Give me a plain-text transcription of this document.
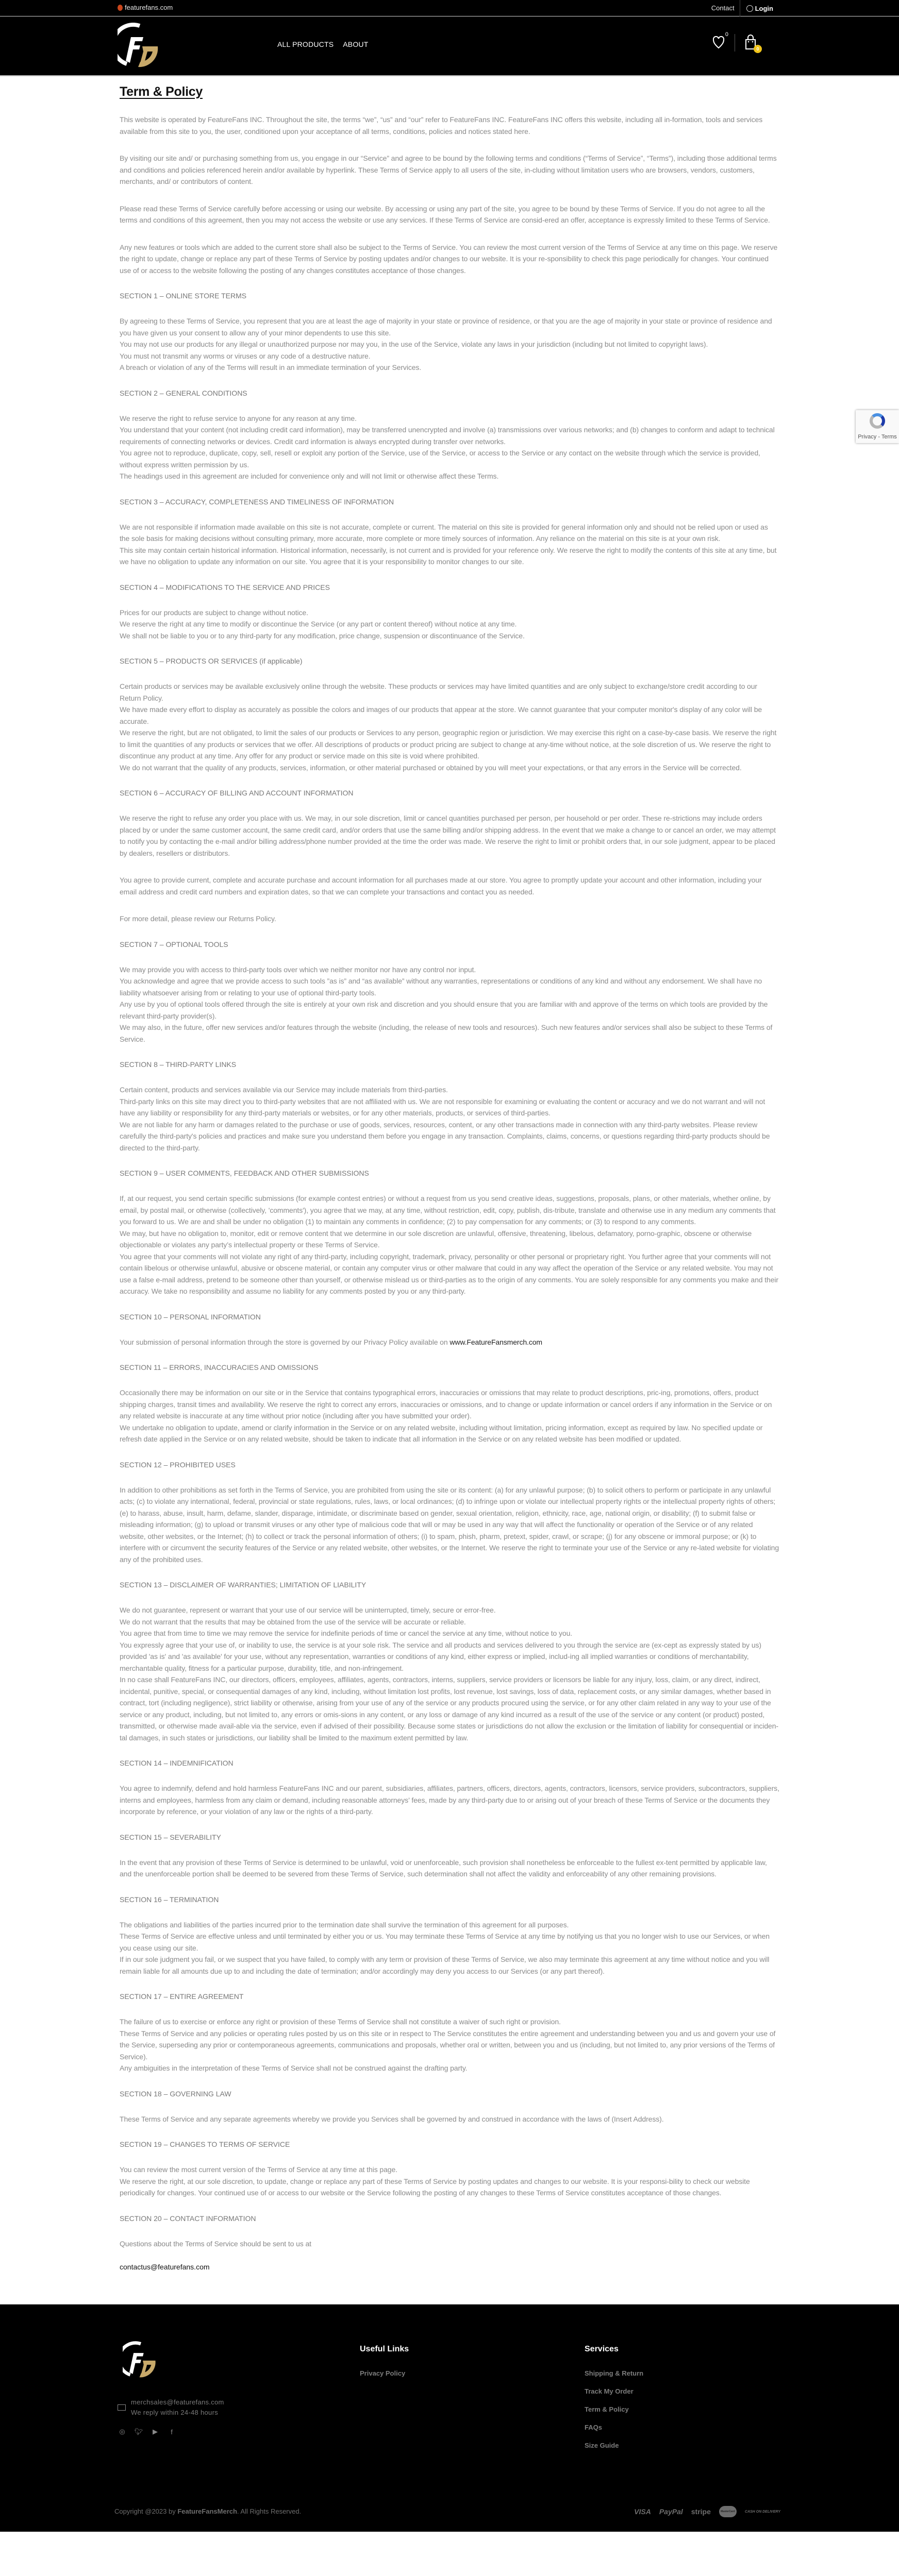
featurefans.com	Contact	Login
ALL PRODUCTS ABOUT
0
0
Term & Policy
This website is operated by FeatureFans INC. Throughout the site, the terms “we”, “us” and “our” refer to FeatureFans INC. FeatureFans INC offers this website, including all in-formation, tools and services available from this site to you, the user, conditioned upon your acceptance of all terms, conditions, policies and notices stated here.
By visiting our site and/ or purchasing something from us, you engage in our “Service” and agree to be bound by the following terms and conditions (“Terms of Service”, “Terms”), including those additional terms and conditions and policies referenced herein and/or available by hyperlink. These Terms of Service apply to all users of the site, in-cluding without limitation users who are browsers, vendors, customers, merchants, and/ or contributors of content.
Please read these Terms of Service carefully before accessing or using our website. By accessing or using any part of the site, you agree to be bound by these Terms of Service. If you do not agree to all the terms and conditions of this agreement, then you may not access the website or use any services. If these Terms of Service are consid-ered an offer, acceptance is expressly limited to these Terms of Service.
Any new features or tools which are added to the current store shall also be subject to the Terms of Service. You can review the most current version of the Terms of Service at any time on this page. We reserve the right to update, change or replace any part of these Terms of Service by posting updates and/or changes to our website. It is your re-sponsibility to check this page periodically for changes. Your continued use of or access to the website following the posting of any changes constitutes acceptance of those changes.
SECTION 1 – ONLINE STORE TERMS
By agreeing to these Terms of Service, you represent that you are at least the age of majority in your state or province of residence, or that you are the age of majority in your state or province of residence and you have given us your consent to allow any of your minor dependents to use this site.
You may not use our products for any illegal or unauthorized purpose nor may you, in the use of the Service, violate any laws in your jurisdiction (including but not limited to copyright laws).
You must not transmit any worms or viruses or any code of a destructive nature.
A breach or violation of any of the Terms will result in an immediate termination of your Services.
SECTION 2 – GENERAL CONDITIONS
We reserve the right to refuse service to anyone for any reason at any time.
You understand that your content (not including credit card information), may be transferred unencrypted and involve (a) transmissions over various networks; and (b) changes to conform and adapt to technical requirements of connecting networks or devices. Credit card information is always encrypted during transfer over networks.
You agree not to reproduce, duplicate, copy, sell, resell or exploit any portion of the Service, use of the Service, or access to the Service or any contact on the website through which the service is provided, without express written permission by us.
The headings used in this agreement are included for convenience only and will not limit or otherwise affect these Terms.
SECTION 3 – ACCURACY, COMPLETENESS AND TIMELINESS OF INFORMATION
We are not responsible if information made available on this site is not accurate, complete or current. The material on this site is provided for general information only and should not be relied upon or used as the sole basis for making decisions without consulting primary, more accurate, more complete or more timely sources of information. Any reliance on the material on this site is at your own risk.
This site may contain certain historical information. Historical information, necessarily, is not current and is provided for your reference only. We reserve the right to modify the contents of this site at any time, but we have no obligation to update any information on our site. You agree that it is your responsibility to monitor changes to our site.
SECTION 4 – MODIFICATIONS TO THE SERVICE AND PRICES
Prices for our products are subject to change without notice.
We reserve the right at any time to modify or discontinue the Service (or any part or content thereof) without notice at any time.
We shall not be liable to you or to any third-party for any modification, price change, suspension or discontinuance of the Service.
SECTION 5 – PRODUCTS OR SERVICES (if applicable)
Certain products or services may be available exclusively online through the website. These products or services may have limited quantities and are only subject to exchange/store credit according to our Return Policy.
We have made every effort to display as accurately as possible the colors and images of our products that appear at the store. We cannot guarantee that your computer monitor's display of any color will be accurate.
We reserve the right, but are not obligated, to limit the sales of our products or Services to any person, geographic region or jurisdiction. We may exercise this right on a case-by-case basis. We reserve the right to limit the quantities of any products or services that we offer. All descriptions of products or product pricing are subject to change at any-time without notice, at the sole discretion of us. We reserve the right to discontinue any product at any time. Any offer for any product or service made on this site is void where prohibited.
We do not warrant that the quality of any products, services, information, or other material purchased or obtained by you will meet your expectations, or that any errors in the Service will be corrected.
SECTION 6 – ACCURACY OF BILLING AND ACCOUNT INFORMATION
We reserve the right to refuse any order you place with us. We may, in our sole discretion, limit or cancel quantities purchased per person, per household or per order. These re-strictions may include orders placed by or under the same customer account, the same credit card, and/or orders that use the same billing and/or shipping address. In the event that we make a change to or cancel an order, we may attempt to notify you by contacting the e-mail and/or billing address/phone number provided at the time the order was made. We reserve the right to limit or prohibit orders that, in our sole judgment, appear to be placed by dealers, resellers or distributors.
You agree to provide current, complete and accurate purchase and account information for all purchases made at our store. You agree to promptly update your account and other information, including your email address and credit card numbers and expiration dates, so that we can complete your transactions and contact you as needed.
For more detail, please review our Returns Policy.
SECTION 7 – OPTIONAL TOOLS
We may provide you with access to third-party tools over which we neither monitor nor have any control nor input.
You acknowledge and agree that we provide access to such tools ”as is” and “as available” without any warranties, representations or conditions of any kind and without any endorsement. We shall have no liability whatsoever arising from or relating to your use of optional third-party tools.
Any use by you of optional tools offered through the site is entirely at your own risk and discretion and you should ensure that you are familiar with and approve of the terms on which tools are provided by the relevant third-party provider(s).
We may also, in the future, offer new services and/or features through the website (including, the release of new tools and resources). Such new features and/or services shall also be subject to these Terms of Service.
SECTION 8 – THIRD-PARTY LINKS
Certain content, products and services available via our Service may include materials from third-parties.
Third-party links on this site may direct you to third-party websites that are not affiliated with us. We are not responsible for examining or evaluating the content or accuracy and we do not warrant and will not have any liability or responsibility for any third-party materials or websites, or for any other materials, products, or services of third-parties.
We are not liable for any harm or damages related to the purchase or use of goods, services, resources, content, or any other transactions made in connection with any third-party websites. Please review carefully the third-party's policies and practices and make sure you understand them before you engage in any transaction. Complaints, claims, concerns, or questions regarding third-party products should be directed to the third-party.
SECTION 9 – USER COMMENTS, FEEDBACK AND OTHER SUBMISSIONS
If, at our request, you send certain specific submissions (for example contest entries) or without a request from us you send creative ideas, suggestions, proposals, plans, or other materials, whether online, by email, by postal mail, or otherwise (collectively, 'comments'), you agree that we may, at any time, without restriction, edit, copy, publish, dis-tribute, translate and otherwise use in any medium any comments that you forward to us. We are and shall be under no obligation (1) to maintain any comments in confidence; (2) to pay compensation for any comments; or (3) to respond to any comments.
We may, but have no obligation to, monitor, edit or remove content that we determine in our sole discretion are unlawful, offensive, threatening, libelous, defamatory, porno-graphic, obscene or otherwise objectionable or violates any party’s intellectual property or these Terms of Service.
You agree that your comments will not violate any right of any third-party, including copyright, trademark, privacy, personality or other personal or proprietary right. You further agree that your comments will not contain libelous or otherwise unlawful, abusive or obscene material, or contain any computer virus or other malware that could in any way affect the operation of the Service or any related website. You may not use a false e-mail address, pretend to be someone other than yourself, or otherwise mislead us or third-parties as to the origin of any comments. You are solely responsible for any comments you make and their accuracy. We take no responsibility and assume no liability for any comments posted by you or any third-party.
SECTION 10 – PERSONAL INFORMATION
Your submission of personal information through the store is governed by our Privacy Policy available on www.FeatureFansmerch.com
SECTION 11 – ERRORS, INACCURACIES AND OMISSIONS
Occasionally there may be information on our site or in the Service that contains typographical errors, inaccuracies or omissions that may relate to product descriptions, pric-ing, promotions, offers, product shipping charges, transit times and availability. We reserve the right to correct any errors, inaccuracies or omissions, and to change or update information or cancel orders if any information in the Service or on any related website is inaccurate at any time without prior notice (including after you have submitted your order).
We undertake no obligation to update, amend or clarify information in the Service or on any related website, including without limitation, pricing information, except as required by law. No specified update or refresh date applied in the Service or on any related website, should be taken to indicate that all information in the Service or on any related website has been modified or updated.
SECTION 12 – PROHIBITED USES
In addition to other prohibitions as set forth in the Terms of Service, you are prohibited from using the site or its content: (a) for any unlawful purpose; (b) to solicit others to perform or participate in any unlawful acts; (c) to violate any international, federal, provincial or state regulations, rules, laws, or local ordinances; (d) to infringe upon or violate our intellectual property rights or the intellectual property rights of others; (e) to harass, abuse, insult, harm, defame, slander, disparage, intimidate, or discriminate based on gender, sexual orientation, religion, ethnicity, race, age, national origin, or disability; (f) to submit false or misleading information; (g) to upload or transmit viruses or any other type of malicious code that will or may be used in any way that will affect the functionality or operation of the Service or of any related website, other websites, or the Internet; (h) to collect or track the personal information of others; (i) to spam, phish, pharm, pretext, spider, crawl, or scrape; (j) for any obscene or immoral purpose; or (k) to interfere with or circumvent the security features of the Service or any related website, other websites, or the Internet. We reserve the right to terminate your use of the Service or any re-lated website for violating any of the prohibited uses.
SECTION 13 – DISCLAIMER OF WARRANTIES; LIMITATION OF LIABILITY
We do not guarantee, represent or warrant that your use of our service will be uninterrupted, timely, secure or error-free.
We do not warrant that the results that may be obtained from the use of the service will be accurate or reliable.
You agree that from time to time we may remove the service for indefinite periods of time or cancel the service at any time, without notice to you.
You expressly agree that your use of, or inability to use, the service is at your sole risk. The service and all products and services delivered to you through the service are (ex-cept as expressly stated by us) provided 'as is' and 'as available' for your use, without any representation, warranties or conditions of any kind, either express or implied, includ-ing all implied warranties or conditions of merchantability, merchantable quality, fitness for a particular purpose, durability, title, and non-infringement.
In no case shall FeatureFans INC, our directors, officers, employees, affiliates, agents, contractors, interns, suppliers, service providers or licensors be liable for any injury, loss, claim, or any direct, indirect, incidental, punitive, special, or consequential damages of any kind, including, without limitation lost profits, lost revenue, lost savings, loss of data, replacement costs, or any similar damages, whether based in contract, tort (including negligence), strict liability or otherwise, arising from your use of any of the service or any products procured using the service, or for any other claim related in any way to your use of the service or any product, including, but not limited to, any errors or omis-sions in any content, or any loss or damage of any kind incurred as a result of the use of the service or any content (or product) posted, transmitted, or otherwise made avail-able via the service, even if advised of their possibility. Because some states or jurisdictions do not allow the exclusion or the limitation of liability for consequential or inciden-tal damages, in such states or jurisdictions, our liability shall be limited to the maximum extent permitted by law.
SECTION 14 – INDEMNIFICATION
You agree to indemnify, defend and hold harmless FeatureFans INC and our parent, subsidiaries, affiliates, partners, officers, directors, agents, contractors, licensors, service providers, subcontractors, suppliers, interns and employees, harmless from any claim or demand, including reasonable attorneys’ fees, made by any third-party due to or arising out of your breach of these Terms of Service or the documents they incorporate by reference, or your violation of any law or the rights of a third-party.
SECTION 15 – SEVERABILITY
In the event that any provision of these Terms of Service is determined to be unlawful, void or unenforceable, such provision shall nonetheless be enforceable to the fullest ex-tent permitted by applicable law, and the unenforceable portion shall be deemed to be severed from these Terms of Service, such determination shall not affect the validity and enforceability of any other remaining provisions.
SECTION 16 – TERMINATION
The obligations and liabilities of the parties incurred prior to the termination date shall survive the termination of this agreement for all purposes.
These Terms of Service are effective unless and until terminated by either you or us. You may terminate these Terms of Service at any time by notifying us that you no longer wish to use our Services, or when you cease using our site.
If in our sole judgment you fail, or we suspect that you have failed, to comply with any term or provision of these Terms of Service, we also may terminate this agreement at any time without notice and you will remain liable for all amounts due up to and including the date of termination; and/or accordingly may deny you access to our Services (or any part thereof).
SECTION 17 – ENTIRE AGREEMENT
The failure of us to exercise or enforce any right or provision of these Terms of Service shall not constitute a waiver of such right or provision.
These Terms of Service and any policies or operating rules posted by us on this site or in respect to The Service constitutes the entire agreement and understanding between you and us and govern your use of the Service, superseding any prior or contemporaneous agreements, communications and proposals, whether oral or written, between you and us (including, but not limited to, any prior versions of the Terms of Service).
Any ambiguities in the interpretation of these Terms of Service shall not be construed against the drafting party.
SECTION 18 – GOVERNING LAW
These Terms of Service and any separate agreements whereby we provide you Services shall be governed by and construed in accordance with the laws of (Insert Address).
SECTION 19 – CHANGES TO TERMS OF SERVICE
You can review the most current version of the Terms of Service at any time at this page.
We reserve the right, at our sole discretion, to update, change or replace any part of these Terms of Service by posting updates and changes to our website. It is your responsi-bility to check our website periodically for changes. Your continued use of or access to our website or the Service following the posting of any changes to these Terms of Service constitutes acceptance of those changes.
SECTION 20 – CONTACT INFORMATION
Questions about the Terms of Service should be sent to us at
contactus@featurefans.com
Privacy - Terms
merchsales@featurefans.com
We reply within 24-48 hours
◎ 🐦︎ ▶	f
Useful Links
Privacy Policy
Services
Shipping & Return
Track My Order
Term & Policy
FAQs
Size Guide
Copyright @2023 by FeatureFansMerch. All Rights Reserved.	VISA PayPal stripe	MasterCard	CASH ON DELIVERY
